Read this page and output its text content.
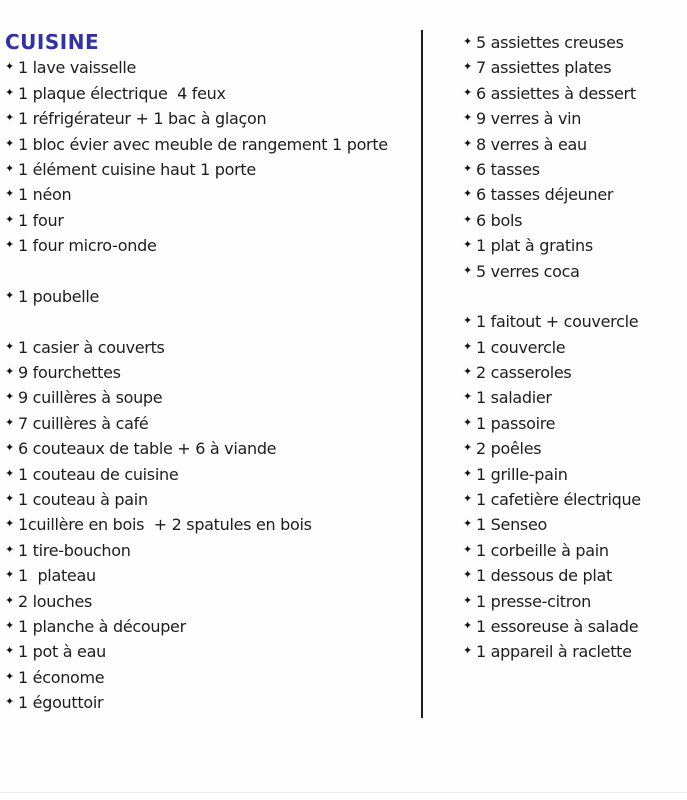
CUISINE
✦ 1 lave vaisselle
✦ 1 plaque électrique  4 feux
✦ 1 réfrigérateur + 1 bac à glaçon
✦ 1 bloc évier avec meuble de rangement 1 porte
✦ 1 élément cuisine haut 1 porte
✦ 1 néon
✦ 1 four
✦ 1 four micro-onde
✦ 1 poubelle
✦ 1 casier à couverts
✦ 9 fourchettes
✦ 9 cuillères à soupe
✦ 7 cuillères à café
✦ 6 couteaux de table + 6 à viande
✦ 1 couteau de cuisine
✦ 1 couteau à pain
✦ 1cuillère en bois  + 2 spatules en bois
✦ 1 tire-bouchon
✦ 1  plateau
✦ 2 louches
✦ 1 planche à découper
✦ 1 pot à eau
✦ 1 économe
✦ 1 égouttoir
✦ 5 assiettes creuses
✦ 7 assiettes plates
✦ 6 assiettes à dessert
✦ 9 verres à vin
✦ 8 verres à eau
✦ 6 tasses
✦ 6 tasses déjeuner
✦ 6 bols
✦ 1 plat à gratins
✦ 5 verres coca
✦ 1 faitout + couvercle
✦ 1 couvercle
✦ 2 casseroles
✦ 1 saladier
✦ 1 passoire
✦ 2 poêles
✦ 1 grille-pain
✦ 1 cafetière électrique
✦ 1 Senseo
✦ 1 corbeille à pain
✦ 1 dessous de plat
✦ 1 presse-citron
✦ 1 essoreuse à salade
✦ 1 appareil à raclette
